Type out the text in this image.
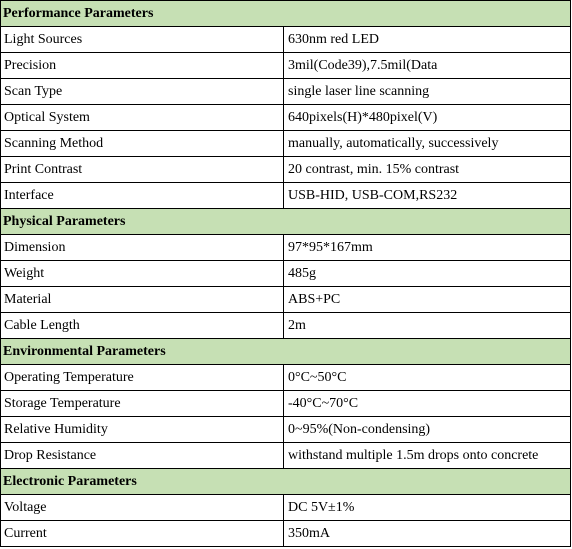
Performance Parameters	
Light Sources	630nm red LED
Precision	3mil(Code39),7.5mil(Data
Scan Type	single laser line scanning
Optical System	640pixels(H)*480pixel(V)
Scanning Method	manually, automatically, successively
Print Contrast	20 contrast, min. 15% contrast
Interface	USB-HID, USB-COM,RS232
Physical Parameters	
Dimension	97*95*167mm
Weight	485g
Material	ABS+PC
Cable Length	2m
Environmental Parameters	
Operating Temperature	0°C~50°C
Storage Temperature	-40°C~70°C
Relative Humidity	0~95%(Non-condensing)
Drop Resistance	withstand multiple 1.5m drops onto concrete
Electronic Parameters	
Voltage	DC 5V±1%
Current	350mA
